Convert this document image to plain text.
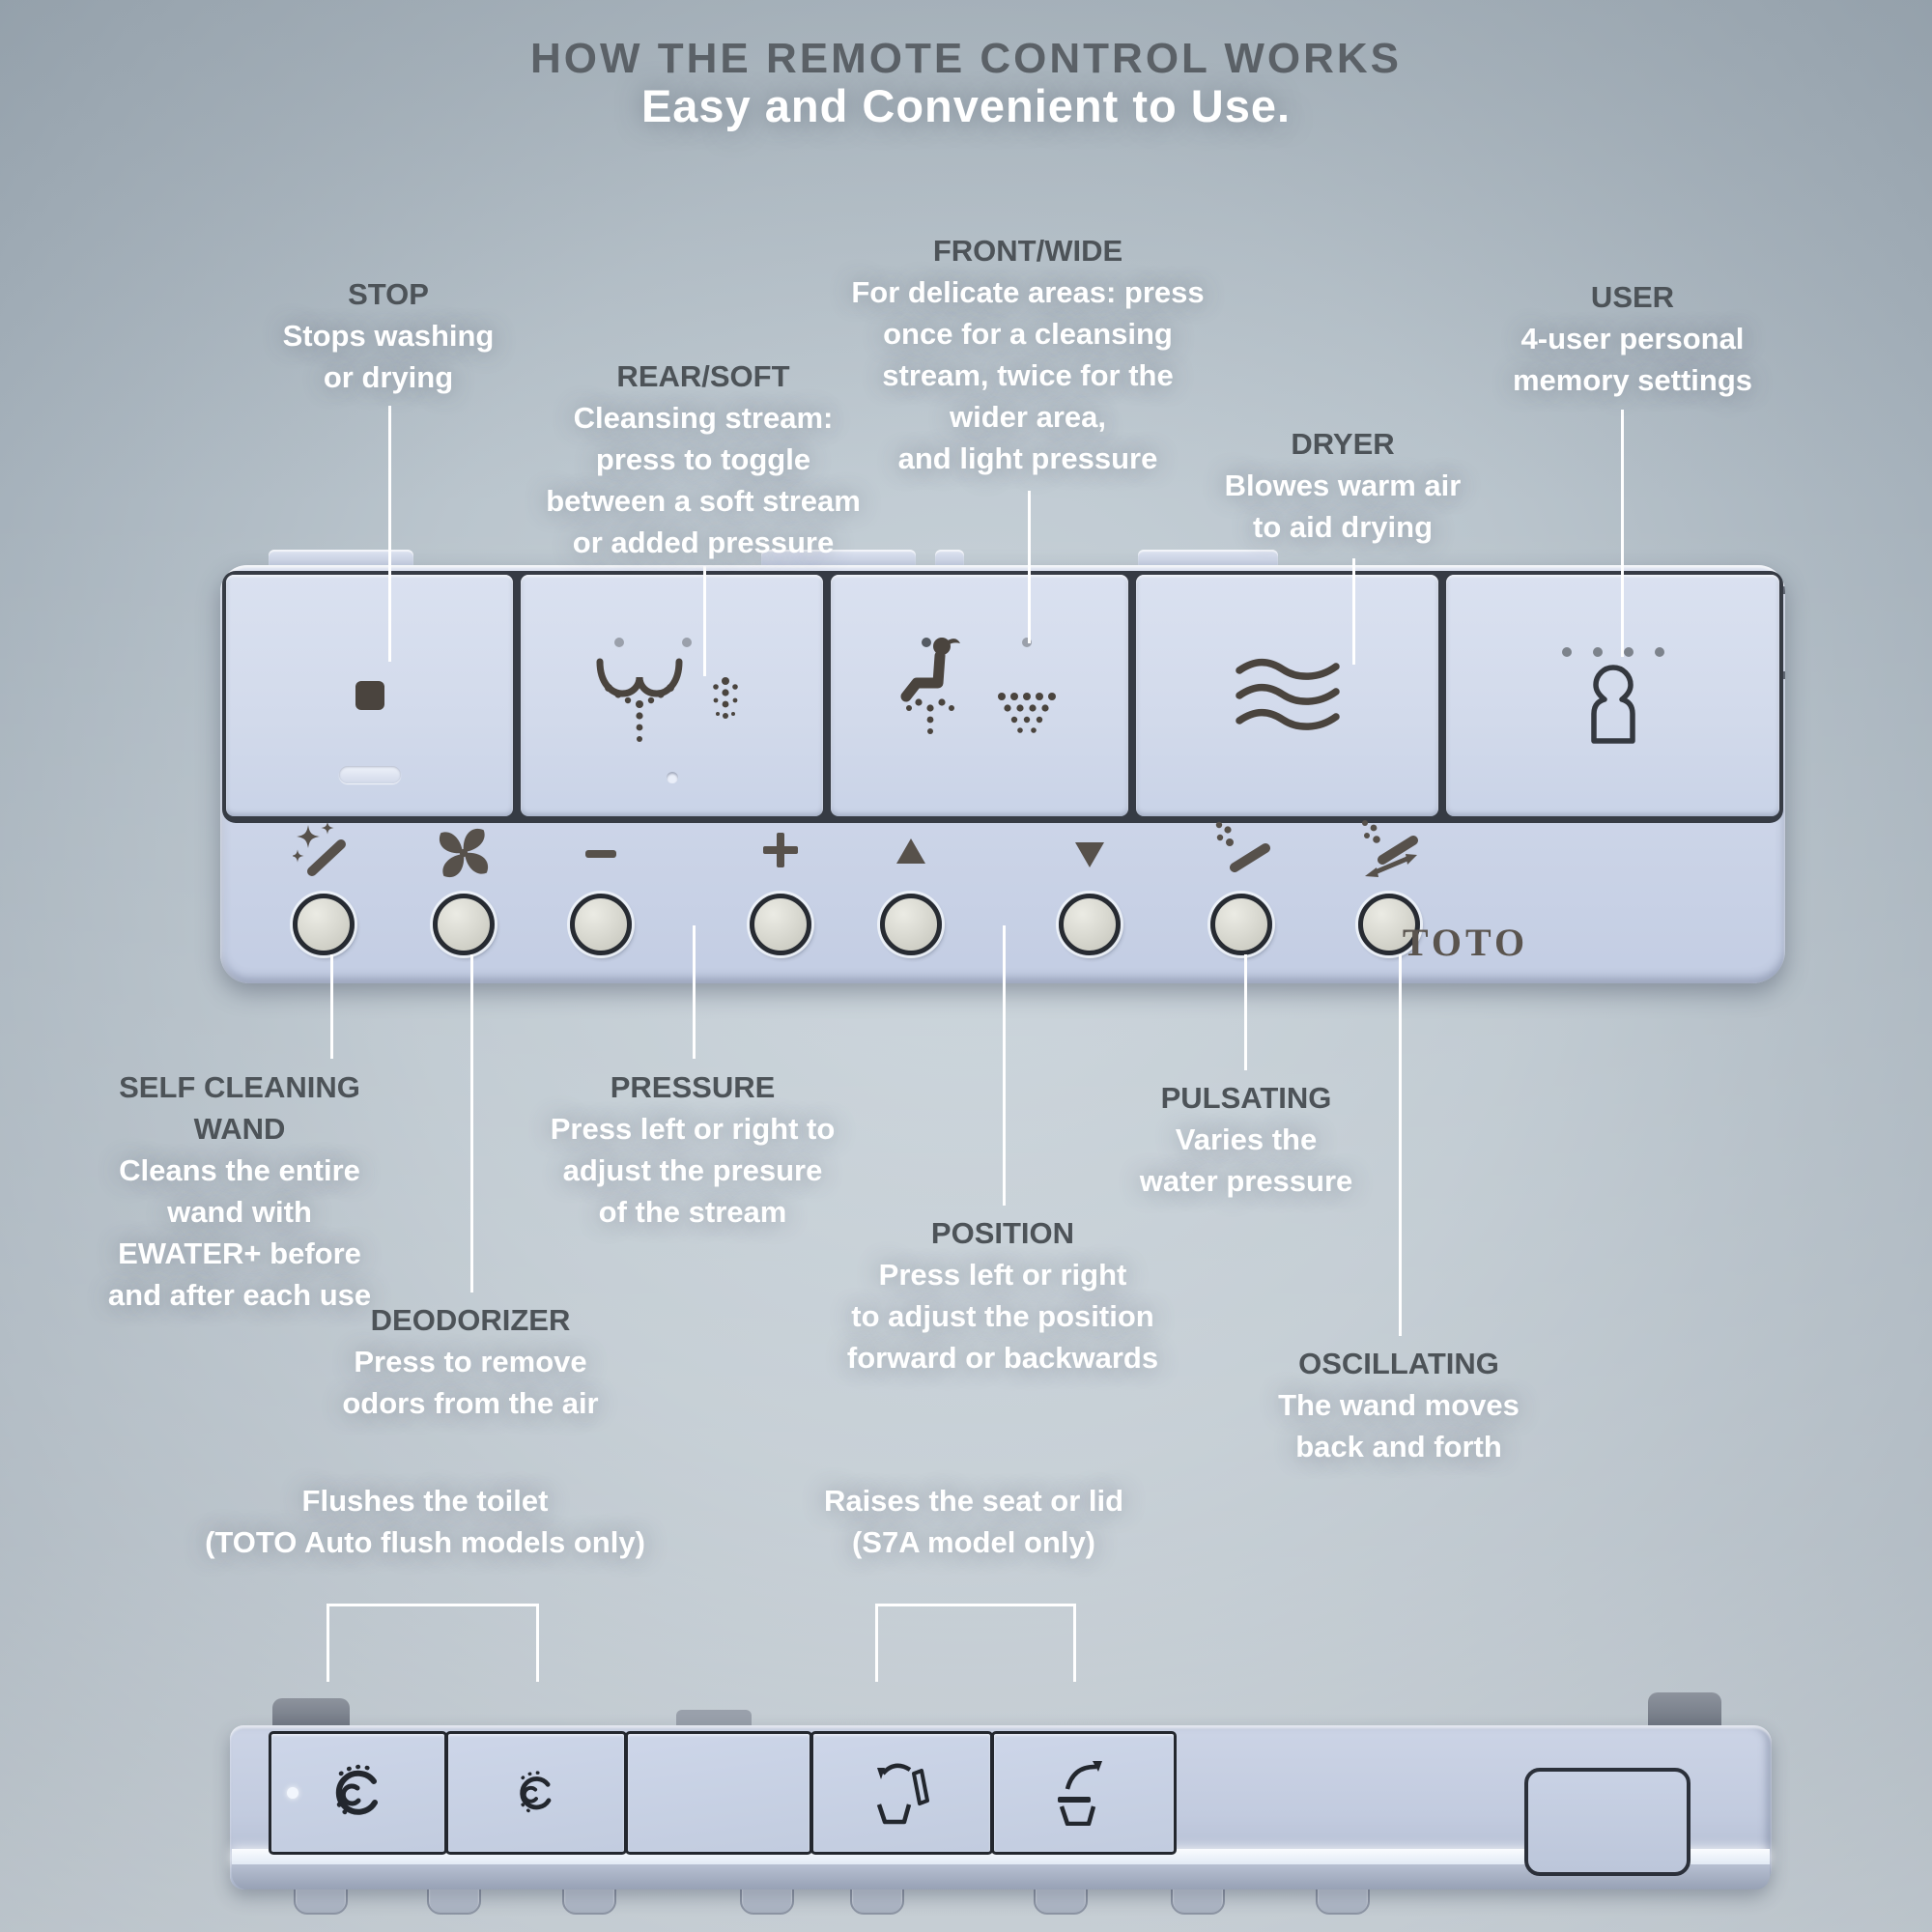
HOW THE REMOTE CONTROL WORKS
Easy and Convenient to Use.
STOP
Stops washing
or drying	REAR/SOFT
Cleansing stream:
press to toggle
between a soft stream
or added pressure
FRONT/WIDE
For delicate areas: press
once for a cleansing
stream, twice for the
wider area,
and light pressure	DRYER
Blowes warm air
to aid drying
USER
4-user personal
memory settings
TOTO
SELF CLEANING
WAND
Cleans the entire
wand with
EWATER+ before
and after each use
DEODORIZER
Press to remove
odors from the air
PRESSURE
Press left or right to
adjust the presure
of the stream
POSITION
Press left or right
to adjust the position
forward or backwards
PULSATING
Varies the
water pressure
OSCILLATING
The wand moves
back and forth
Flushes the toilet
(TOTO Auto flush models only)
Raises the seat or lid
(S7A model only)
